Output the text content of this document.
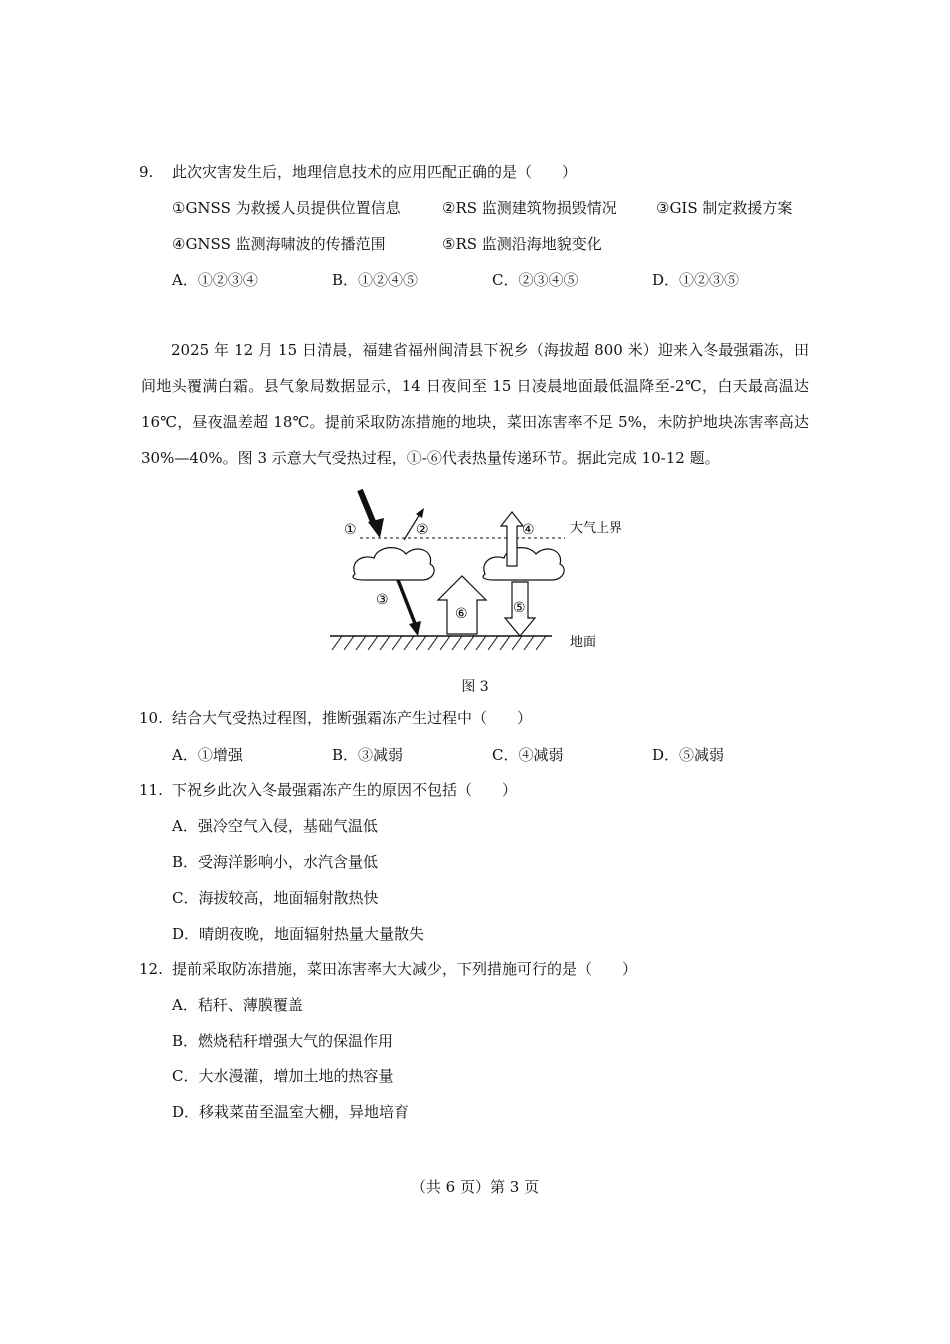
9. 此次灾害发生后，地理信息技术的应用匹配正确的是（　　）
①GNSS 为救援人员提供位置信息	②RS 监测建筑物损毁情况	③GIS 制定救援方案
④GNSS 监测海啸波的传播范围	⑤RS 监测沿海地貌变化
A．①②③④	B．①②④⑤	C．②③④⑤	D．①②③⑤
2025 年 12 月 15 日清晨，福建省福州闽清县下祝乡（海拔超 800 米）迎来入冬最强霜冻，田间地头覆满白霜。县气象局数据显示，14 日夜间至 15 日凌晨地面最低温降至-2℃，白天最高温达 16℃，昼夜温差超 18℃。提前采取防冻措施的地块，菜田冻害率不足 5%，未防护地块冻害率高达 30%—40%。图 3 示意大气受热过程，①-⑥代表热量传递环节。据此完成 10-12 题。
①	②
③
④
⑤
⑥
大气上界
地面
图 3
10. 结合大气受热过程图，推断强霜冻产生过程中（　　）
A．①增强	B．③减弱	C．④减弱	D．⑤减弱
11. 下祝乡此次入冬最强霜冻产生的原因不包括（　　）
A．强冷空气入侵，基础气温低
B．受海洋影响小，水汽含量低
C．海拔较高，地面辐射散热快
D．晴朗夜晚，地面辐射热量大量散失
12. 提前采取防冻措施，菜田冻害率大大减少，下列措施可行的是（　　）
A．秸秆、薄膜覆盖
B．燃烧秸秆增强大气的保温作用
C．大水漫灌，增加土地的热容量
D．移栽菜苗至温室大棚，异地培育
（共 6 页）第 3 页
